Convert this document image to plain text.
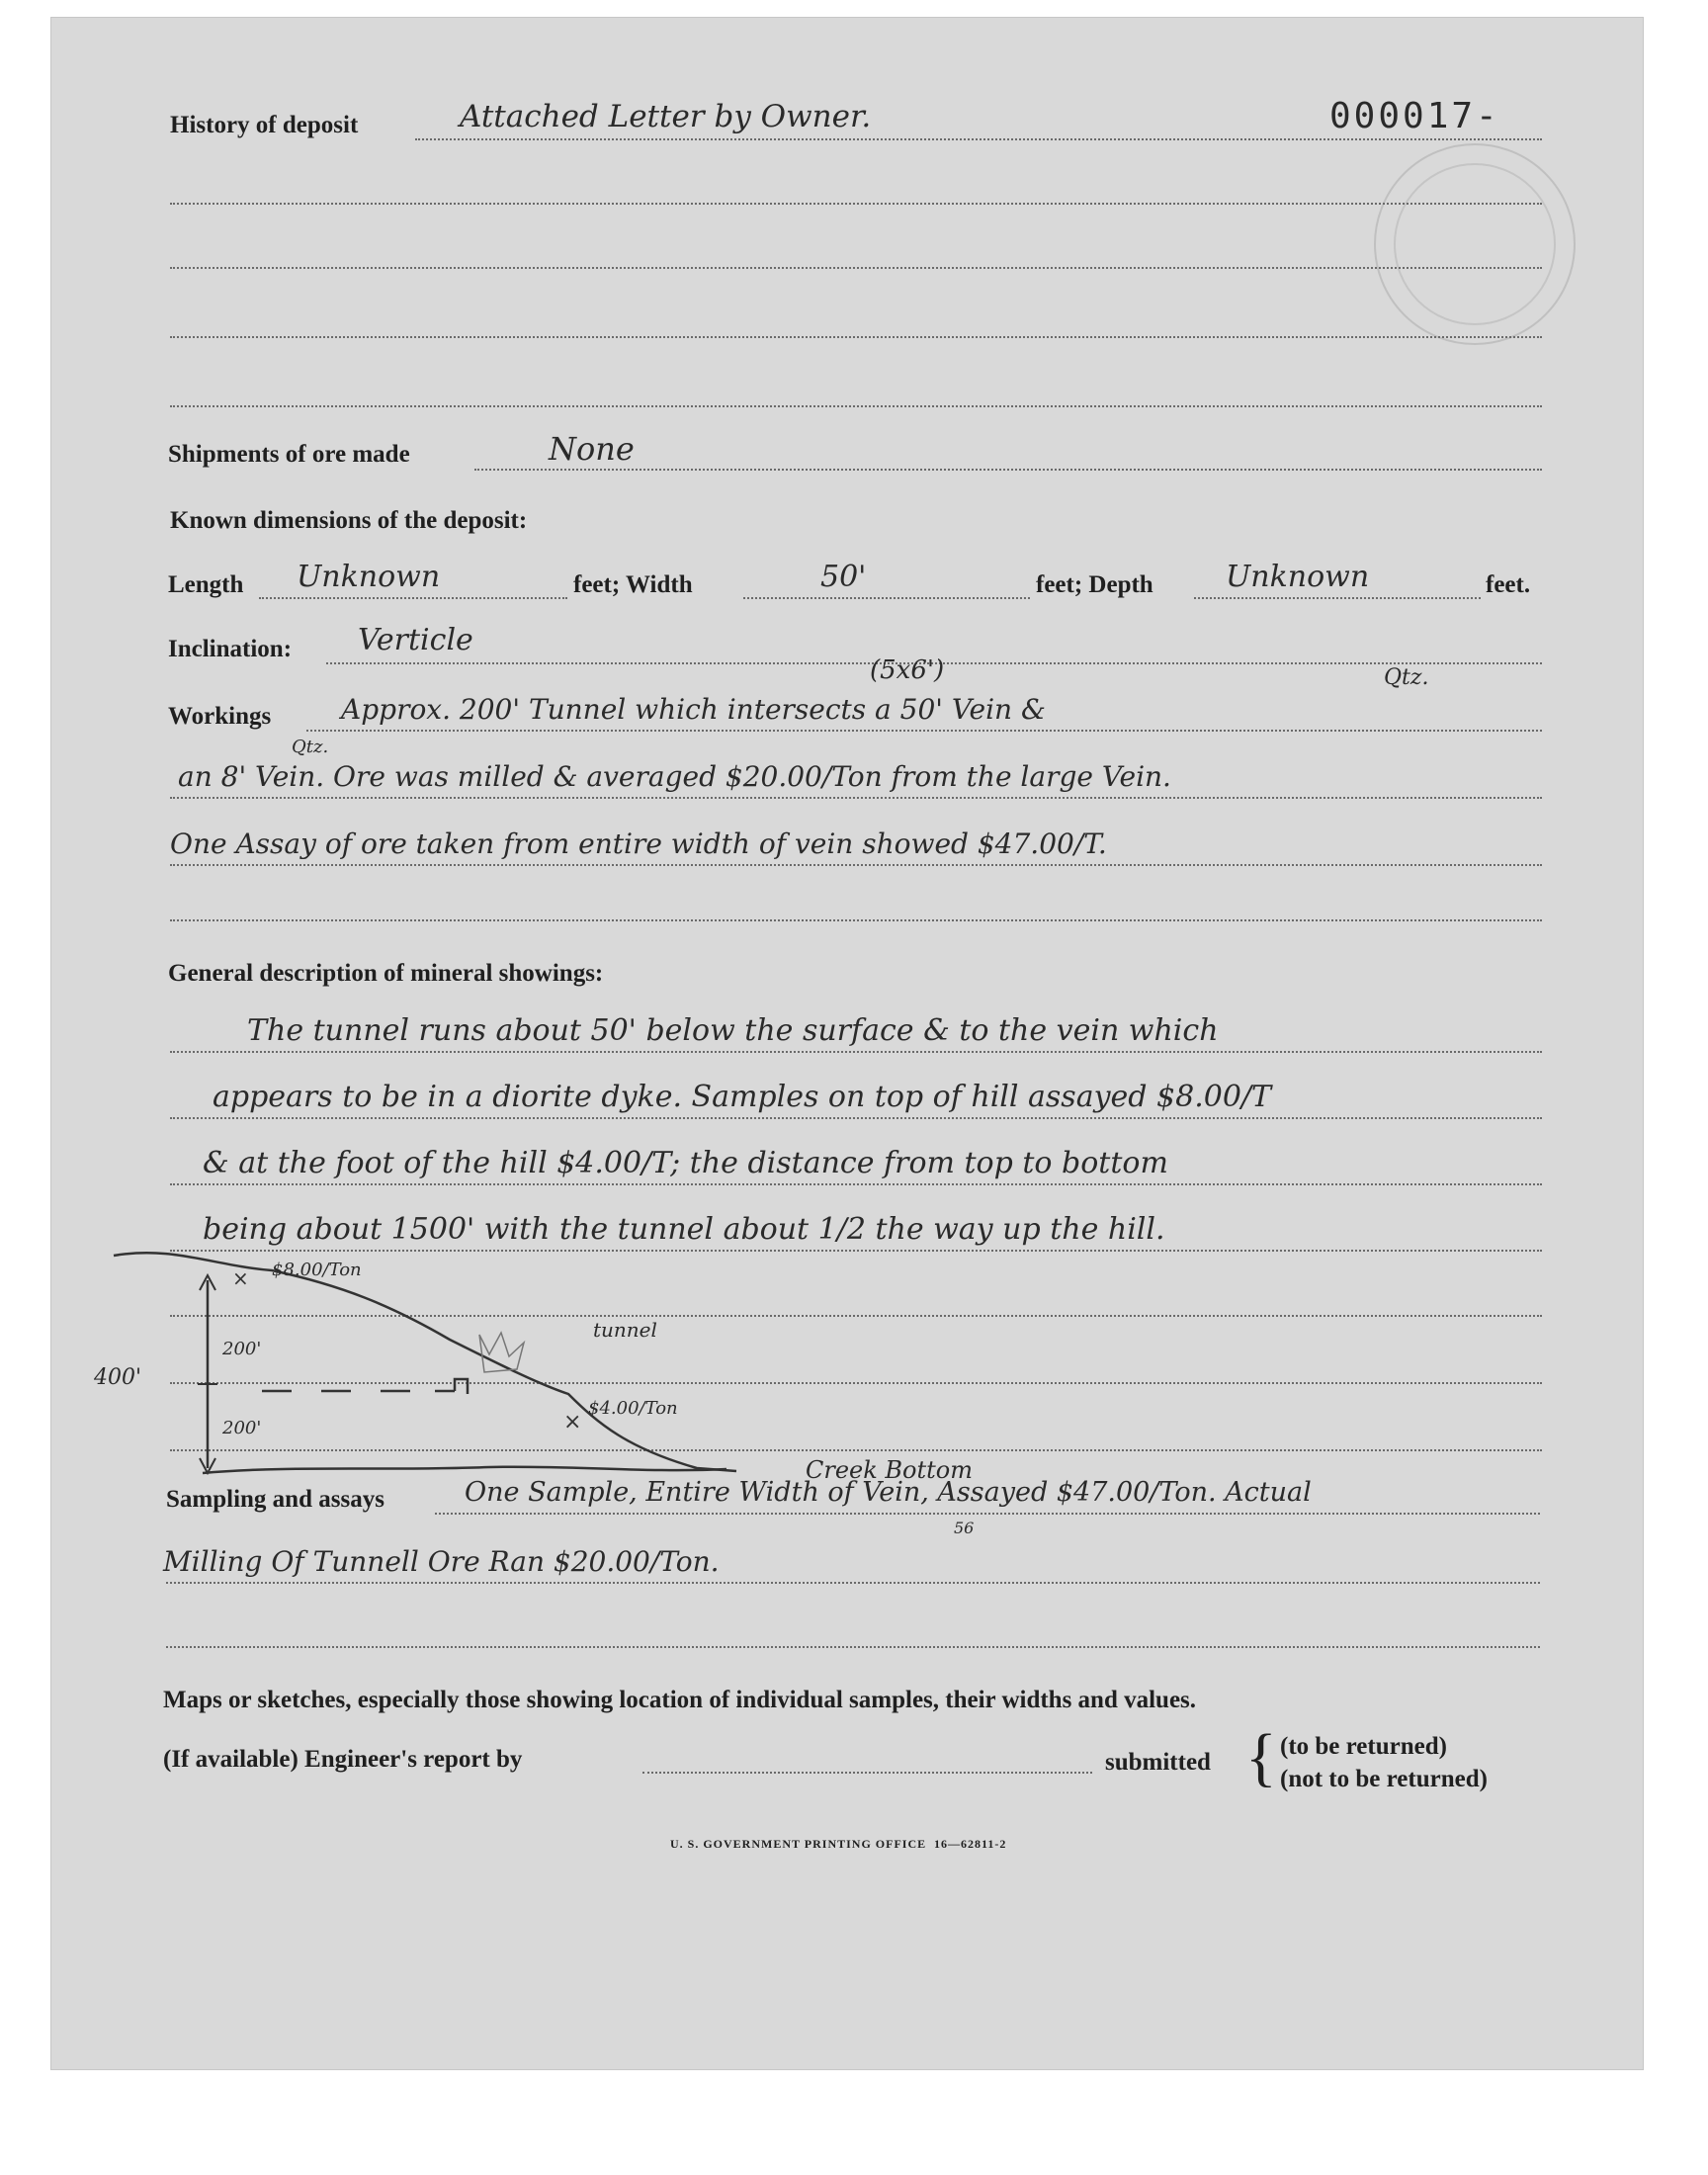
000017-
History of deposit	Attached Letter by Owner.
Shipments of ore made	None
Known dimensions of the deposit:
Length Unknown	feet; Width	50'	feet; Depth Unknown	feet.
Inclination: Verticle
(5x6')	Qtz.
Workings	Approx. 200' Tunnel which intersects a 50' Vein &
Qtz.
an 8' Vein. Ore was milled & averaged $20.00/Ton from the large Vein.
One Assay of ore taken from entire width of vein showed $47.00/T.
General description of mineral showings:
The tunnel runs about 50' below the surface & to the vein which
appears to be in a diorite dyke. Samples on top of hill assayed $8.00/T
& at the foot of the hill $4.00/T; the distance from top to bottom
being about 1500' with the tunnel about 1/2 the way up the hill.
×
×
$8.00/Ton
200'
200'
400'
tunnel
$4.00/Ton
Creek Bottom
Sampling and assays	One Sample, Entire Width of Vein, Assayed $47.00/Ton. Actual
56
Milling Of Tunnell Ore Ran $20.00/Ton.
Maps or sketches, especially those showing location of individual samples, their widths and values.
(If available) Engineer's report by	submitted { (to be returned)
(not to be returned)
U. S. GOVERNMENT PRINTING OFFICE 16—62811-2
